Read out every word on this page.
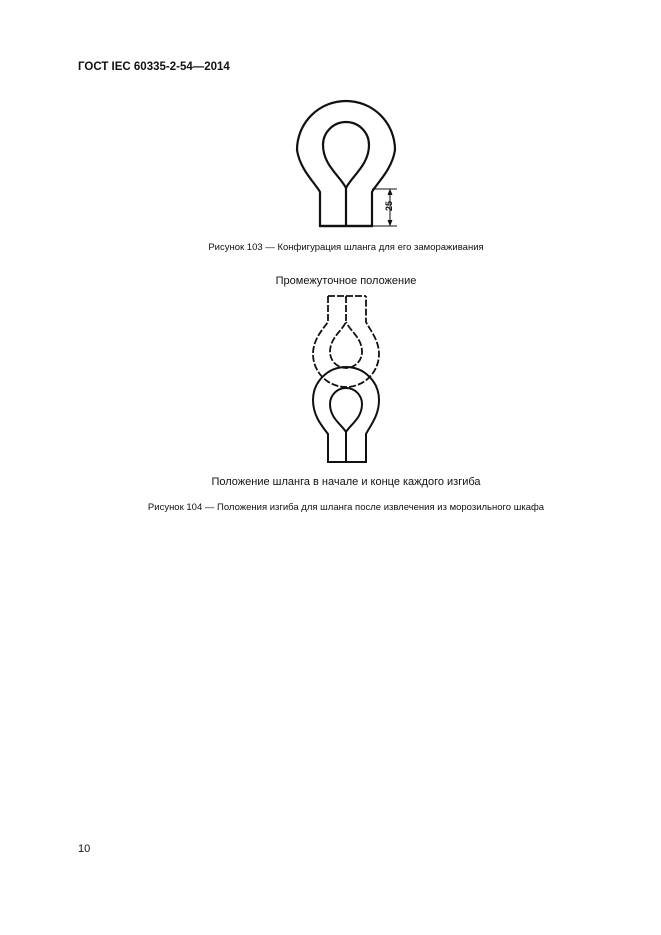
ГОСТ IEC 60335-2-54—2014
25
Рисунок 103 — Конфигурация шланга для его замораживания
Промежуточное положение
Положение шланга в начале и конце каждого изгиба
Рисунок 104 — Положения изгиба для шланга после извлечения из морозильного шкафа
10
